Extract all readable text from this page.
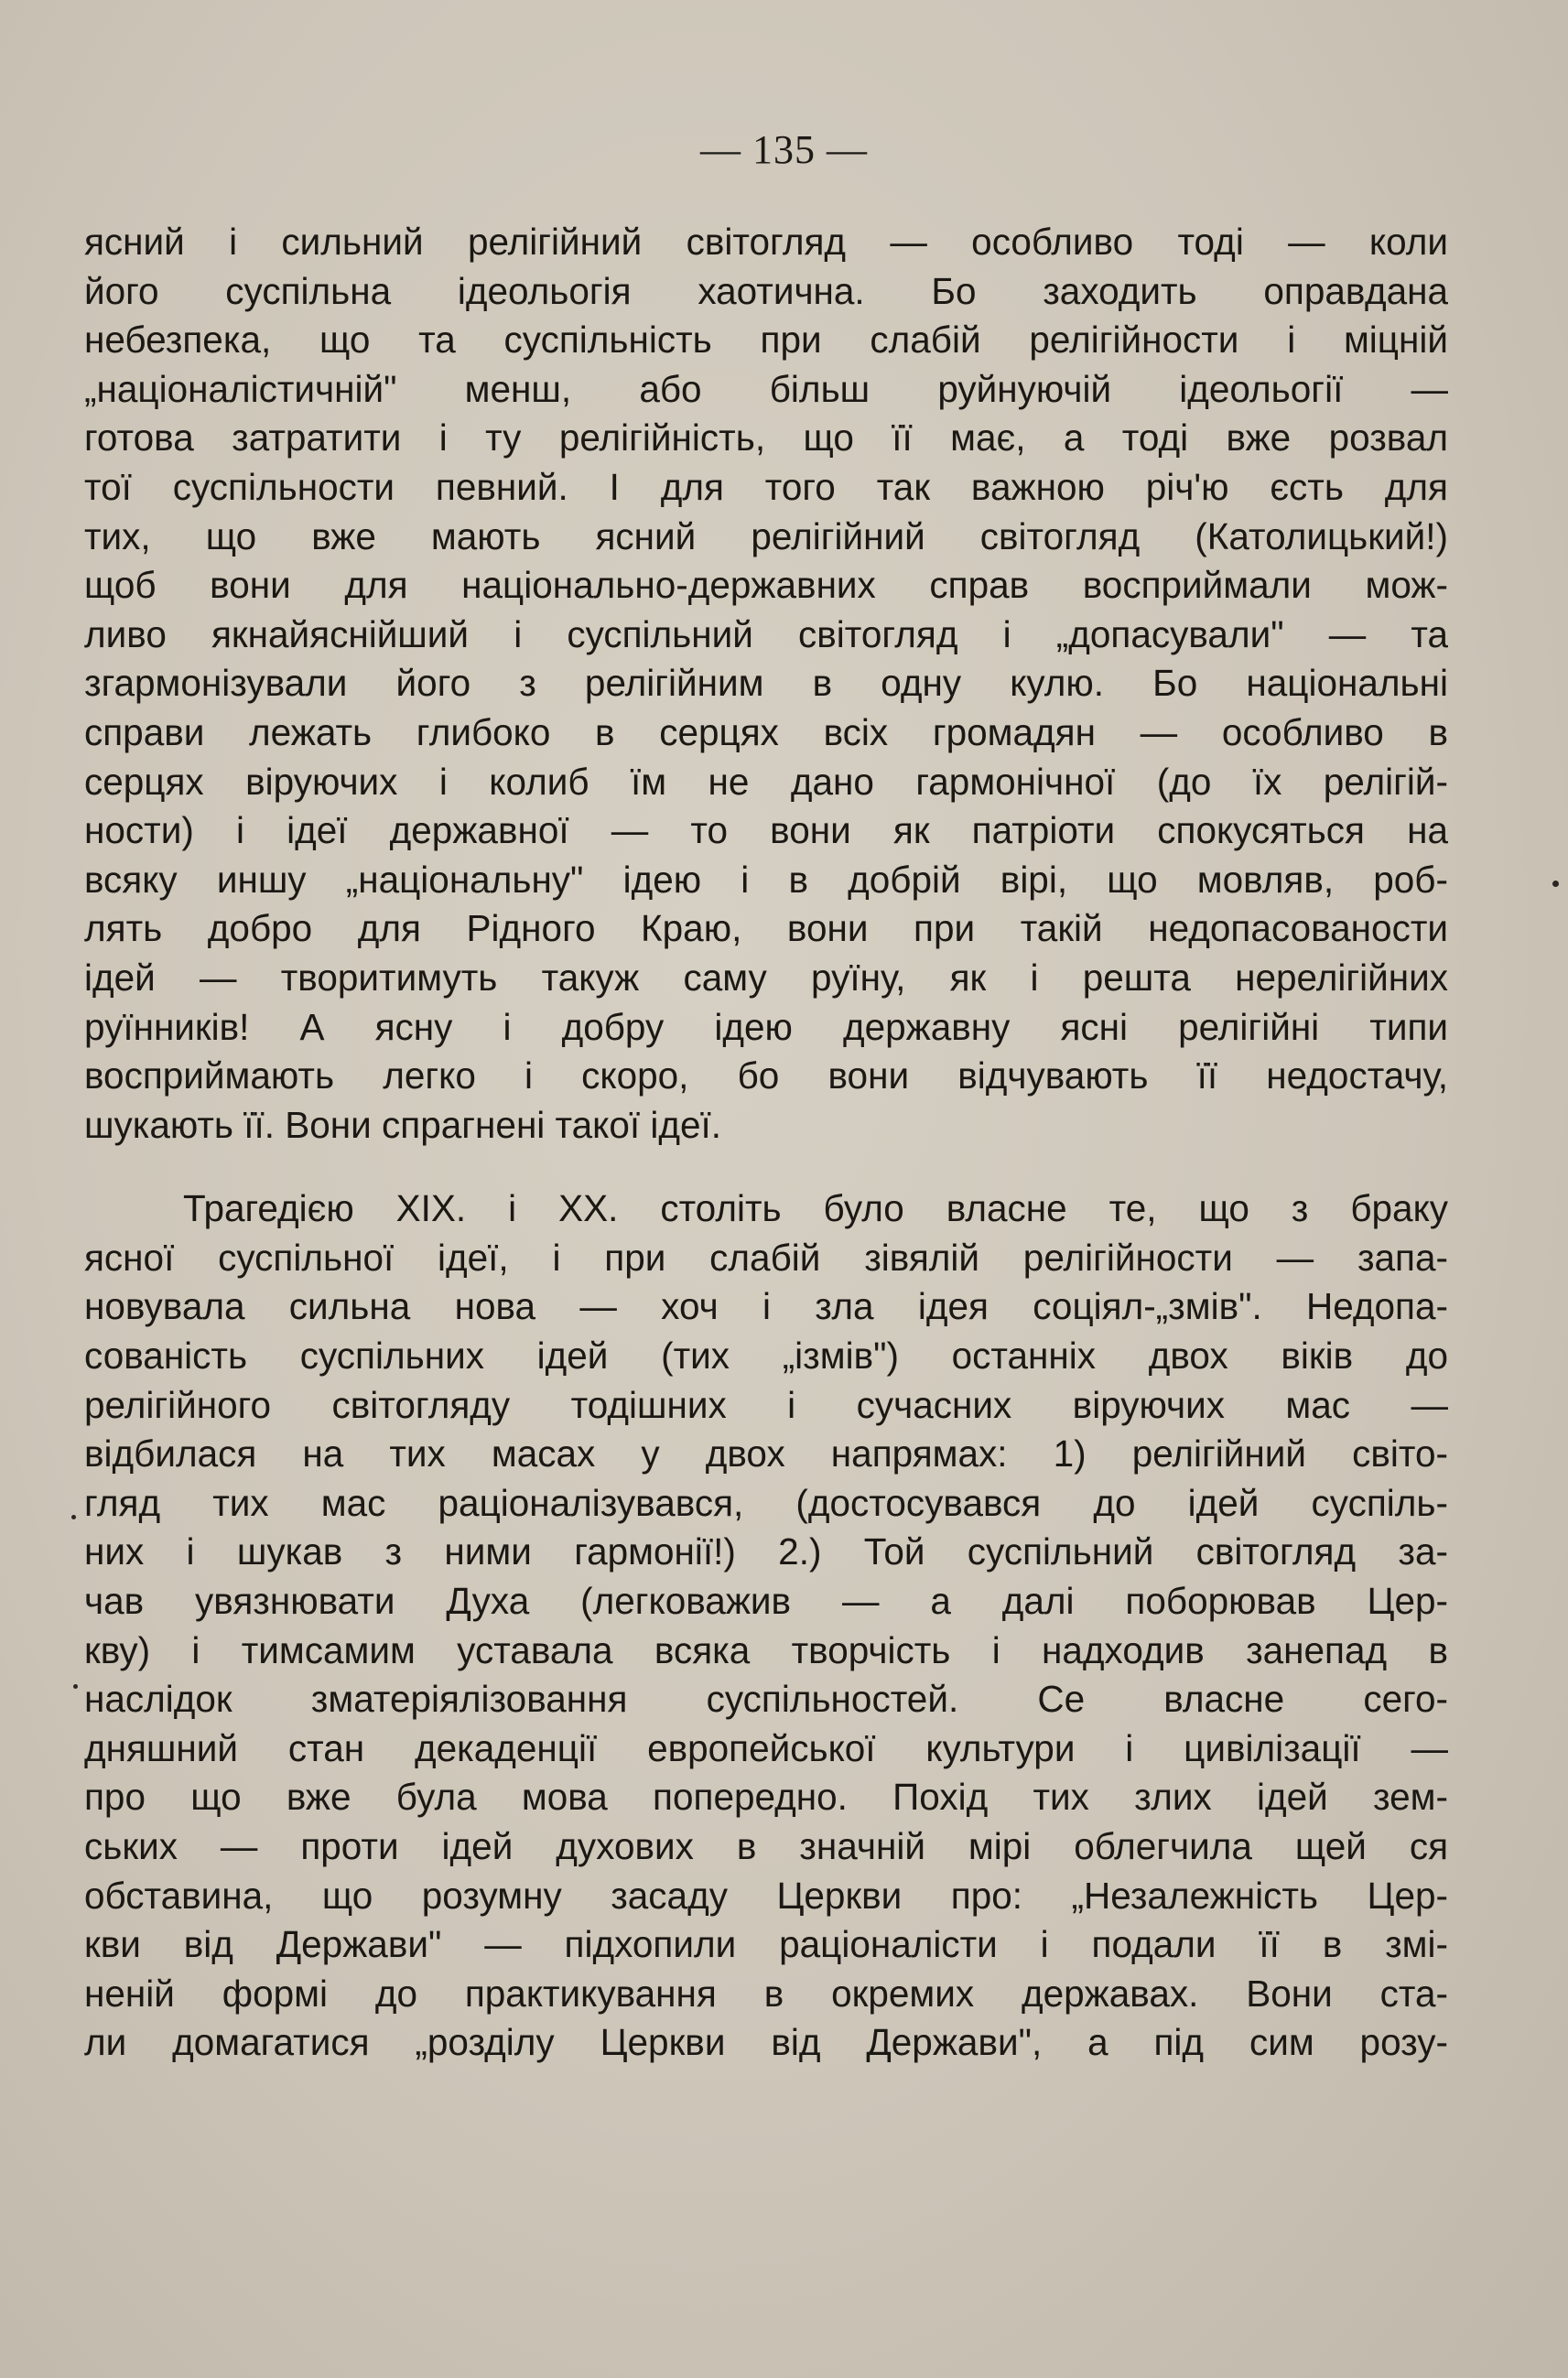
— 135 —
ясний і сильний релігійний світогляд — особливо тоді — коли
його суспільна ідеольогія хаотична. Бо заходить оправдана
небезпека, що та суспільність при слабій релігійности і міцній
„націоналістичній" менш, або більш руйнуючій ідеольогії —
готова затратити і ту релігійність, що її має, а тоді вже розвал
тої суспільности певний. І для того так важною річ'ю єсть для
тих, що вже мають ясний релігійний світогляд (Католицький!)
щоб вони для національно-державних справ восприймали мож-
ливо якнайяснійший і суспільний світогляд і „допасували" — та
згармонізували його з релігійним в одну кулю. Бо національні
справи лежать глибоко в серцях всіх громадян — особливо в
серцях віруючих і колиб їм не дано гармонічної (до їх релігій-
ности) і ідеї державної — то вони як патріоти спокусяться на
всяку иншу „національну" ідею і в добрій вірі, що мовляв, роб-
лять добро для Рідного Краю, вони при такій недопасованости
ідей — творитимуть такуж саму руїну, як і решта нерелігійних
руїнників! А ясну і добру ідею державну ясні релігійні типи
восприймають легко і скоро, бо вони відчувають її недостачу,
шукають її. Вони спрагнені такої ідеї.
Трагедією XIX. і XX. століть було власне те, що з браку
ясної суспільної ідеї, і при слабій зівялій релігійности — запа-
новувала сильна нова — хоч і зла ідея соціял-„змів". Недопа-
сованість суспільних ідей (тих „ізмів") останніх двох віків до
релігійного світогляду тодішних і сучасних віруючих мас —
відбилася на тих масах у двох напрямах: 1) релігійний світо-
гляд тих мас раціоналізувався, (достосувався до ідей суспіль-
них і шукав з ними гармонії!) 2.) Той суспільний світогляд за-
чав увязнювати Духа (легковажив — а далі поборював Цер-
кву) і тимсамим уставала всяка творчість і надходив занепад в
наслідок зматеріялізовання суспільностей. Се власне сего-
дняшний стан декаденції европейської культури і цивілізації —
про що вже була мова попередно. Похід тих злих ідей зем-
ських — проти ідей духових в значній мірі облегчила щей ся
обставина, що розумну засаду Церкви про: „Незалежність Цер-
кви від Держави" — підхопили раціоналісти і подали її в змі-
неній формі до практикування в окремих державах. Вони ста-
ли домагатися „розділу Церкви від Держави", а під сим розу-
